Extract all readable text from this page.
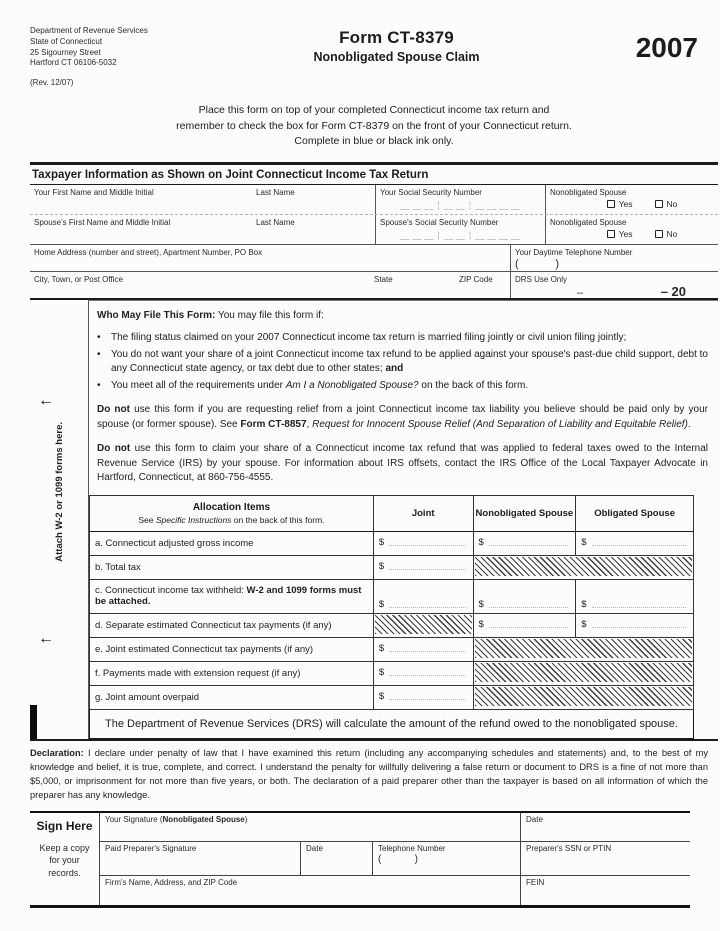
Department of Revenue Services
State of Connecticut
25 Sigourney Street
Hartford CT 06106-5032
(Rev. 12/07)
Form CT-8379
Nonobligated Spouse Claim	2007
Place this form on top of your completed Connecticut income tax return and
remember to check the box for Form CT-8379 on the front of your Connecticut return.
Complete in blue or black ink only.
Taxpayer Information as Shown on Joint Connecticut Income Tax Return
Your First Name and Middle Initial	Last Name	Your Social Security Number
__ __ __ ┊ __ __ ┊ __ __ __ __
Nonobligated Spouse
Yes	No
Spouse's First Name and Middle Initial	Last Name	Spouse's Social Security Number
__ __ __ ┊ __ __ ┊ __ __ __ __
Nonobligated Spouse
Yes	No
Home Address (number and street), Apartment Number, PO Box	Your Daytime Telephone Number
(            )
City, Town, or Post Office	State	ZIP Code	DRS Use Only
–	– 20
←
Attach W-2 or 1099 forms here.
←

Who May File This Form: You may file this form if:

•	The filing status claimed on your 2007 Connecticut income tax return is married filing jointly or civil union filing jointly;
•	You do not want your share of a joint Connecticut income tax refund to be applied against your spouse's past-due child support, debt to any Connecticut state agency, or tax debt due to other states; and
•	You meet all of the requirements under Am I a Nonobligated Spouse? on the back of this form.

Do not use this form if you are requesting relief from a joint Connecticut income tax liability you believe should be paid only by your spouse (or former spouse). See Form CT-8857, Request for Innocent Spouse Relief (And Separation of Liability and Equitable Relief).

Do not use this form to claim your share of a Connecticut income tax refund that was applied to federal taxes owed to the Internal Revenue Service (IRS) by your spouse. For information about IRS offsets, contact the IRS Office of the Local Taxpayer Advocate in Hartford, Connecticut, at 860-756-4555.

Allocation Items
See Specific Instructions on the back of this form.	Joint	Nonobligated Spouse	Obligated Spouse
a. Connecticut adjusted gross income	$	$	$

b. Total tax	$		

c. Connecticut income tax withheld: W-2 and 1099 forms must be attached.	$	$	$

d. Separate estimated Connecticut tax payments (if any)		$	$

e. Joint estimated Connecticut tax payments (if any)	$		

f. Payments made with extension request (if any)	$		

g. Joint amount overpaid	$		

The Department of Revenue Services (DRS) will calculate the amount of the refund owed to the nonobligated spouse.

Declaration: I declare under penalty of law that I have examined this return (including any accompanying schedules and statements) and, to the best of my knowledge and belief, it is true, complete, and correct. I understand the penalty for willfully delivering a false return or document to DRS is a fine of not more than $5,000, or imprisonment for not more than five years, or both. The declaration of a paid preparer other than the taxpayer is based on all information of which the preparer has any knowledge.

Sign Here
Keep a copy for your records.
Your Signature (Nonobligated Spouse)	Date
Paid Preparer's Signature	Date	Telephone Number
(            )
Preparer's SSN or PTIN
Firm's Name, Address, and ZIP Code	FEIN
